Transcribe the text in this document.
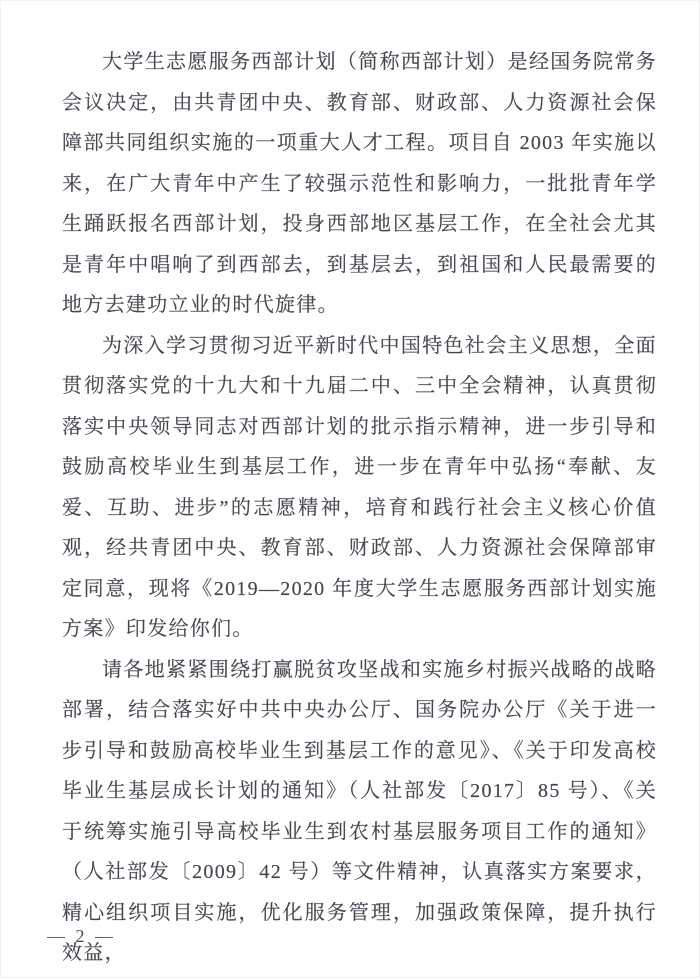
大学生志愿服务西部计划（简称西部计划）是经国务院常务会议决定，由共青团中央、教育部、财政部、人力资源社会保障部共同组织实施的一项重大人才工程。项目自 2003 年实施以来，在广大青年中产生了较强示范性和影响力，一批批青年学生踊跃报名西部计划，投身西部地区基层工作，在全社会尤其是青年中唱响了到西部去，到基层去，到祖国和人民最需要的地方去建功立业的时代旋律。

为深入学习贯彻习近平新时代中国特色社会主义思想，全面贯彻落实党的十九大和十九届二中、三中全会精神，认真贯彻落实中央领导同志对西部计划的批示指示精神，进一步引导和鼓励高校毕业生到基层工作，进一步在青年中弘扬“奉献、友爱、互助、进步”的志愿精神，培育和践行社会主义核心价值观，经共青团中央、教育部、财政部、人力资源社会保障部审定同意，现将《2019—2020 年度大学生志愿服务西部计划实施方案》印发给你们。

请各地紧紧围绕打赢脱贫攻坚战和实施乡村振兴战略的战略部署，结合落实好中共中央办公厅、国务院办公厅《关于进一步引导和鼓励高校毕业生到基层工作的意见》、《关于印发高校毕业生基层成长计划的通知》（人社部发〔2017〕85 号）、《关于统筹实施引导高校毕业生到农村基层服务项目工作的通知》（人社部发〔2009〕42 号）等文件精神，认真落实方案要求，精心组织项目实施，优化服务管理，加强政策保障，提升执行效益，

— 2 —
